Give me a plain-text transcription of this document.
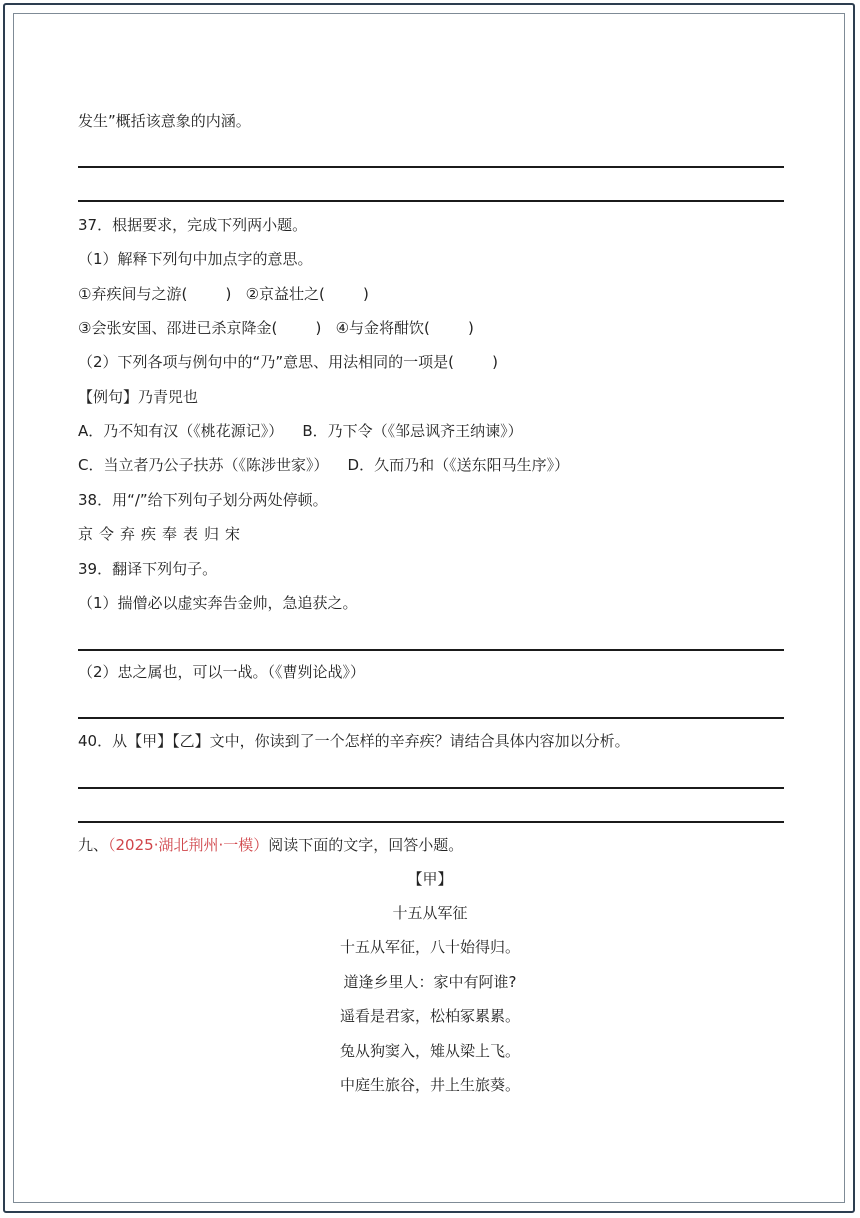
发生”概括该意象的内涵。
37．根据要求，完成下列两小题。
（1）解释下列句中加点字的意思。
①弃疾间与之游(        )   ②京益壮之(        )
③会张安国、邵进已杀京降金(        )   ④与金将酣饮(        )
（2）下列各项与例句中的“乃”意思、用法相同的一项是(        )
【例句】乃青兕也
A．乃不知有汉（《桃花源记》）    B．乃下令（《邹忌讽齐王纳谏》）
C．当立者乃公子扶苏（《陈涉世家》）    D．久而乃和（《送东阳马生序》）
38．用“/”给下列句子划分两处停顿。
京令弃疾奉表归宋
39．翻译下列句子。
（1）揣僧必以虚实奔告金帅，急追获之。
（2）忠之属也，可以一战。（《曹刿论战》）
40．从【甲】【乙】文中，你读到了一个怎样的辛弃疾？请结合具体内容加以分析。
九、（2025·湖北荆州·一模）阅读下面的文字，回答小题。
【甲】
十五从军征
十五从军征，八十始得归。
道逢乡里人：家中有阿谁?
遥看是君家，松柏冢累累。
兔从狗窦入，雉从梁上飞。
中庭生旅谷，井上生旅葵。
